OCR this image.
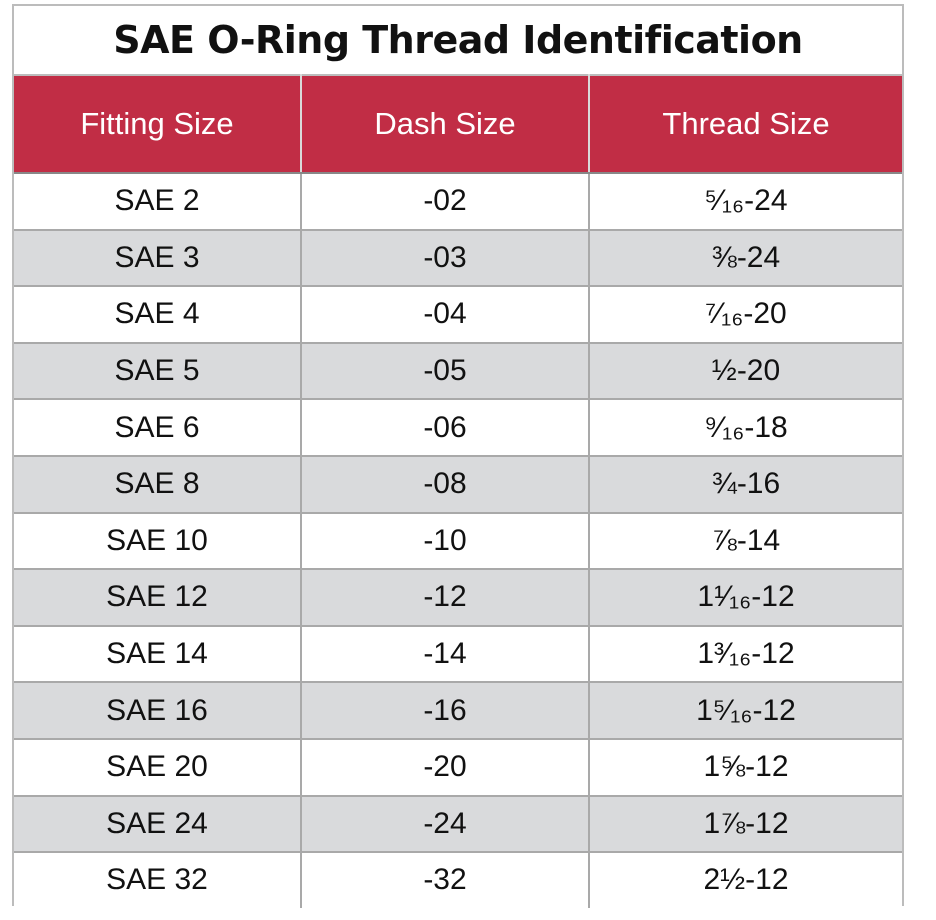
SAE O-Ring Thread Identification
Fitting Size	Dash Size	Thread Size
SAE 2	-02	⁵⁄₁₆-24
SAE 3	-03	⅜-24
SAE 4	-04	⁷⁄₁₆-20
SAE 5	-05	½-20
SAE 6	-06	⁹⁄₁₆-18
SAE 8	-08	¾-16
SAE 10	-10	⅞-14
SAE 12	-12	1¹⁄₁₆-12
SAE 14	-14	1³⁄₁₆-12
SAE 16	-16	1⁵⁄₁₆-12
SAE 20	-20	1⅝-12
SAE 24	-24	1⅞-12
SAE 32	-32	2½-12
